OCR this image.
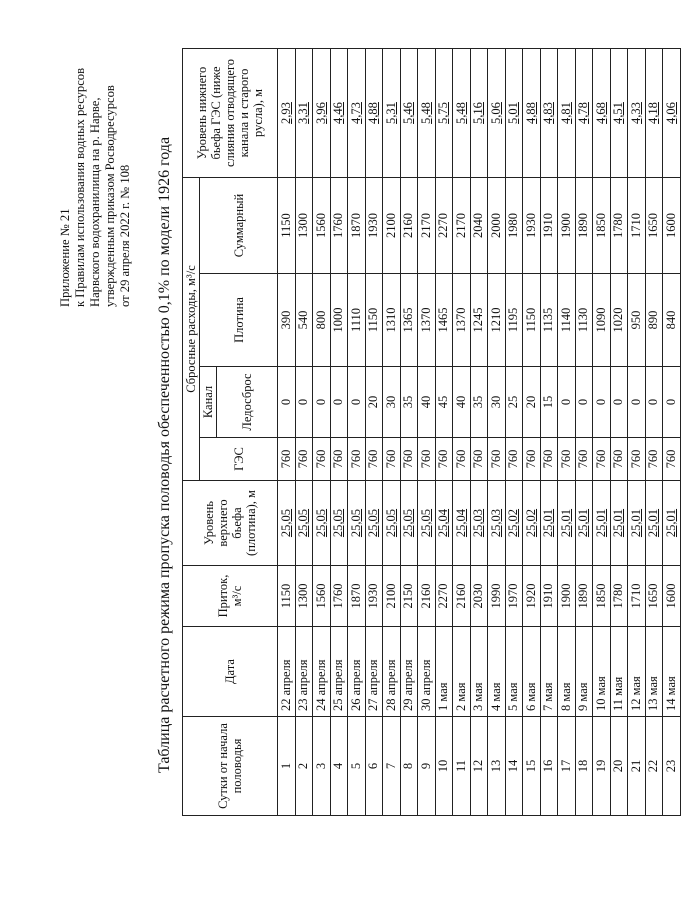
Приложение № 21 к Правилам использования водных ресурсов Нарвского водохранилища на р. Нарве, утвержденным приказом Росводресурсов от 29 апреля 2022 г. № 108 Таблица расчетного режима пропуска половодья обеспеченностью 0,1% по модели 1926 года	Сутки от начала половодья	Дата	Приток, м³/с	Уровень верхнего бьефа (плотина), м	Сбросные расходы, м³/с				Уровень нижнего бьефа ГЭС (ниже слияния отводящего канала и старого русла), м
				ГЭС	Канал	Плотина	Суммарный	
					Ледосброс			
1	22 апреля	1150	25,05	760	0	390	1150	2,93
2	23 апреля	1300	25,05	760	0	540	1300	3,31
3	24 апреля	1560	25,05	760	0	800	1560	3,96
4	25 апреля	1760	25,05	760	0	1000	1760	4,46
5	26 апреля	1870	25,05	760	0	1110	1870	4,73
6	27 апреля	1930	25,05	760	20	1150	1930	4,88
7	28 апреля	2100	25,05	760	30	1310	2100	5,31
8	29 апреля	2150	25,05	760	35	1365	2160	5,46
9	30 апреля	2160	25,05	760	40	1370	2170	5,48
10	1 мая	2270	25,04	760	45	1465	2270	5,75
11	2 мая	2160	25,04	760	40	1370	2170	5,48
12	3 мая	2030	25,03	760	35	1245	2040	5,16
13	4 мая	1990	25,03	760	30	1210	2000	5,06
14	5 мая	1970	25,02	760	25	1195	1980	5,01
15	6 мая	1920	25,02	760	20	1150	1930	4,88
16	7 мая	1910	25,01	760	15	1135	1910	4,83
17	8 мая	1900	25,01	760	0	1140	1900	4,81
18	9 мая	1890	25,01	760	0	1130	1890	4,78
19	10 мая	1850	25,01	760	0	1090	1850	4,68
20	11 мая	1780	25,01	760	0	1020	1780	4,51
21	12 мая	1710	25,01	760	0	950	1710	4,33
22	13 мая	1650	25,01	760	0	890	1650	4,18
23	14 мая	1600	25,01	760	0	840	1600	4,06
